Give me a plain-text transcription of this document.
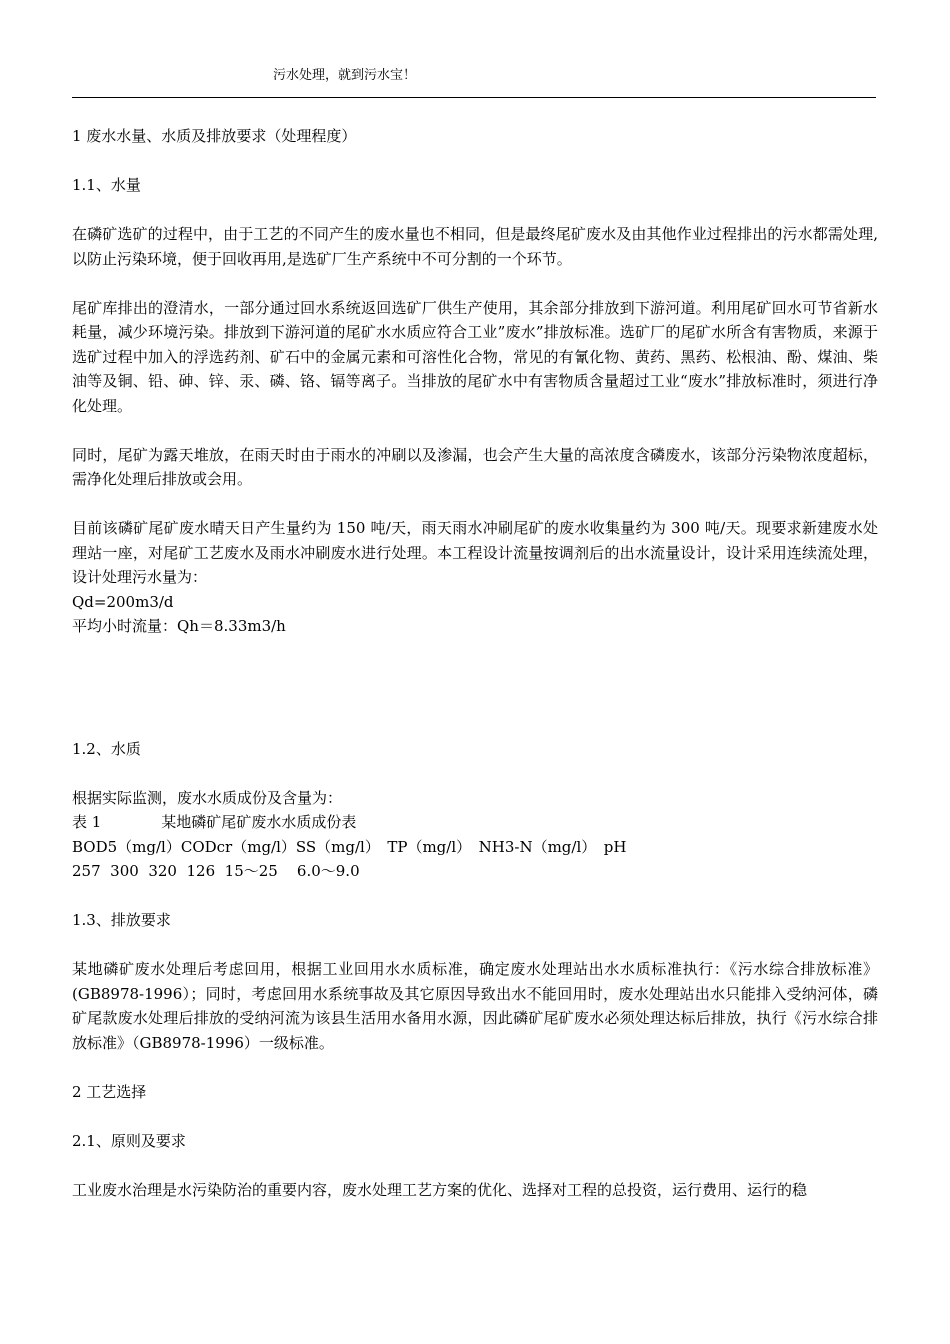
污水处理，就到污水宝！

1 废水水量、水质及排放要求（处理程度）

1.1、水量

在磷矿选矿的过程中，由于工艺的不同产生的废水量也不相同，但是最终尾矿废水及由其他作业过程排出的污水都需处理,以防止污染环境，便于回收再用,是选矿厂生产系统中不可分割的一个环节。

尾矿库排出的澄清水，一部分通过回水系统返回选矿厂供生产使用，其余部分排放到下游河道。利用尾矿回水可节省新水耗量，减少环境污染。排放到下游河道的尾矿水水质应符合工业”废水”排放标准。选矿厂的尾矿水所含有害物质，来源于选矿过程中加入的浮选药剂、矿石中的金属元素和可溶性化合物，常见的有氰化物、黄药、黑药、松根油、酚、煤油、柴油等及铜、铅、砷、锌、汞、磷、铬、镉等离子。当排放的尾矿水中有害物质含量超过工业“废水”排放标准时，须进行净化处理。

同时，尾矿为露天堆放，在雨天时由于雨水的冲刷以及渗漏，也会产生大量的高浓度含磷废水，该部分污染物浓度超标，需净化处理后排放或会用。

目前该磷矿尾矿废水晴天日产生量约为 150 吨/天，雨天雨水冲刷尾矿的废水收集量约为 300 吨/天。现要求新建废水处理站一座，对尾矿工艺废水及雨水冲刷废水进行处理。本工程设计流量按调剂后的出水流量设计，设计采用连续流处理，设计处理污水量为：

Qd=200m3/d

平均小时流量：Qh＝8.33m3/h

1.2、水质

根据实际监测，废水水质成份及含量为：

表 1　　　　某地磷矿尾矿废水水质成份表

BOD5（mg/l）CODcr（mg/l）SS（mg/l）　TP（mg/l）　NH3-N（mg/l）　pH

257  300  320  126  15～25    6.0～9.0

1.3、排放要求

某地磷矿废水处理后考虑回用，根据工业回用水水质标准，确定废水处理站出水水质标准执行：《污水综合排放标准》(GB8978-1996）；同时，考虑回用水系统事故及其它原因导致出水不能回用时，废水处理站出水只能排入受纳河体，磷矿尾款废水处理后排放的受纳河流为该县生活用水备用水源，因此磷矿尾矿废水必须处理达标后排放，执行《污水综合排放标准》（GB8978-1996）一级标准。

2 工艺选择

2.1、原则及要求

工业废水治理是水污染防治的重要内容，废水处理工艺方案的优化、选择对工程的总投资，运行费用、运行的稳
